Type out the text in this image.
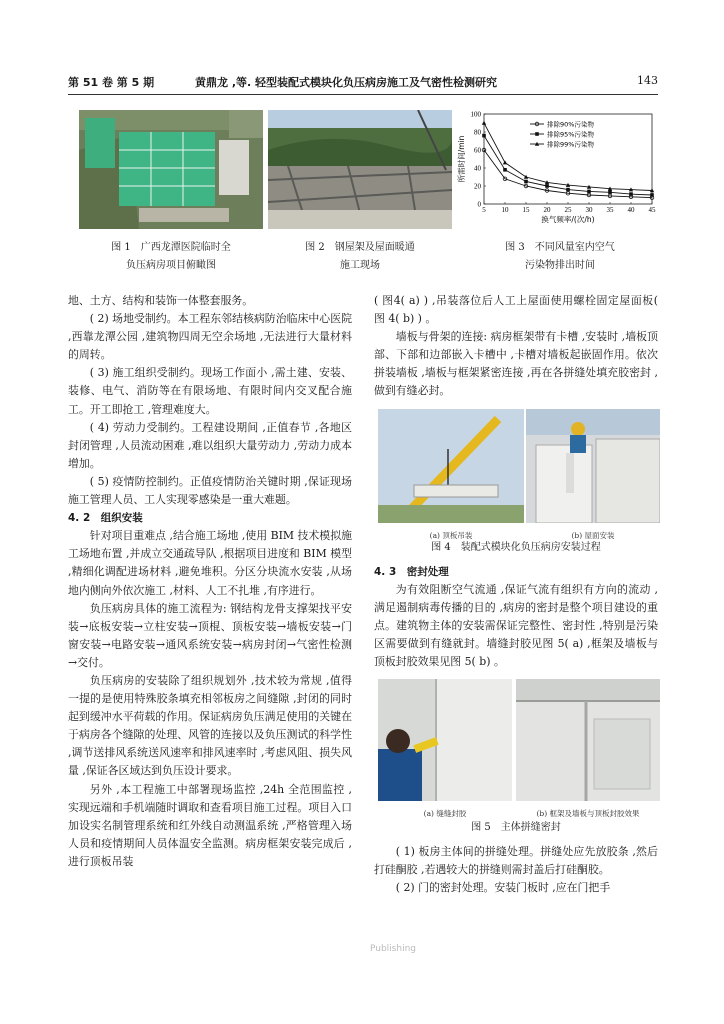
第 51 卷 第 5 期	黄鼎龙 ,等. 轻型装配式模块化负压病房施工及气密性检测研究	143
5 10 15 20 25 30 35 40 45
0
20
40
60
80
100
换气频率/(次/h)
所需时间/min
排除90%污染物
排除95%污染物
排除99%污染物
图 1　广西龙潭医院临时全
负压病房项目俯瞰图
图 2　钢屋架及屋面暖通
施工现场
图 3　不同风量室内空气
污染物排出时间

地、土方、结构和装饰一体整套服务。

( 2) 场地受制约。本工程东邻结核病防治临床中心医院 ,西靠龙潭公园 ,建筑物四周无空余场地 ,无法进行大量材料的周转。

( 3) 施工组织受制约。现场工作面小 ,需土建、安装、装修、电气、消防等在有限场地、有限时间内交叉配合施工。开工即抢工 ,管理难度大。

( 4) 劳动力受制约。工程建设期间 ,正值春节 ,各地区封闭管理 ,人员流动困难 ,难以组织大量劳动力 ,劳动力成本增加。

( 5) 疫情防控制约。正值疫情防治关键时期 ,保证现场施工管理人员、工人实现零感染是一重大难题。

4. 2　组织安装

针对项目重难点 ,结合施工场地 ,使用 BIM 技术模拟施工场地布置 ,并成立交通疏导队 ,根据项目进度和 BIM 模型 ,精细化调配进场材料 ,避免堆积。分区分块流水安装 ,从场地内侧向外依次施工 ,材料、人工不扎堆 ,有序进行。

负压病房具体的施工流程为: 钢结构龙骨支撑架找平安装→底板安装→立柱安装→顶棍、顶板安装→墙板安装→门窗安装→电路安装→通风系统安装→病房封闭→气密性检测→交付。

负压病房的安装除了组织规划外 ,技术较为常规 ,值得一提的是使用特殊胶条填充相邻板房之间缝隙 ,封闭的同时起到缓冲水平荷载的作用。保证病房负压满足使用的关键在于病房各个缝隙的处理、风管的连接以及负压测试的科学性 ,调节送排风系统送风速率和排风速率时 ,考虑风阻、损失风量 ,保证各区域达到负压设计要求。

另外 ,本工程施工中部署现场监控 ,24h 全范围监控 ,实现远端和手机端随时调取和查看项目施工过程。项目入口加设实名制管理系统和红外线自动测温系统 ,严格管理入场人员和疫情期间人员体温安全监测。病房框架安装完成后 ,进行顶板吊装

( 图4( a) ) ,吊装落位后人工上屋面使用螺栓固定屋面板( 图 4( b) ) 。

墙板与骨架的连接: 病房框架带有卡槽 ,安装时 ,墙板顶部、下部和边部嵌入卡槽中 ,卡槽对墙板起嵌固作用。依次拼装墙板 ,墙板与框架紧密连接 ,再在各拼缝处填充胶密封 ,做到有缝必封。

(a) 顶板吊装	(b) 屋面安装
图 4　装配式模块化负压病房安装过程

4. 3　密封处理

为有效阻断空气流通 ,保证气流有组织有方向的流动 ,满足遏制病毒传播的目的 ,病房的密封是整个项目建设的重点。建筑物主体的安装需保证完整性、密封性 ,特别是污染区需要做到有缝就封。墙缝封胶见图 5( a) ,框架及墙板与顶板封胶效果见图 5( b) 。

(a) 缝缝封胶	(b) 框架及墙板与顶板封胶效果
图 5　主体拼缝密封

( 1) 板房主体间的拼缝处理。拼缝处应先放胶条 ,然后打硅酮胶 ,若遇较大的拼缝则需封盖后打硅酮胶。

( 2) 门的密封处理。安装门板时 ,应在门把手

Publishing
